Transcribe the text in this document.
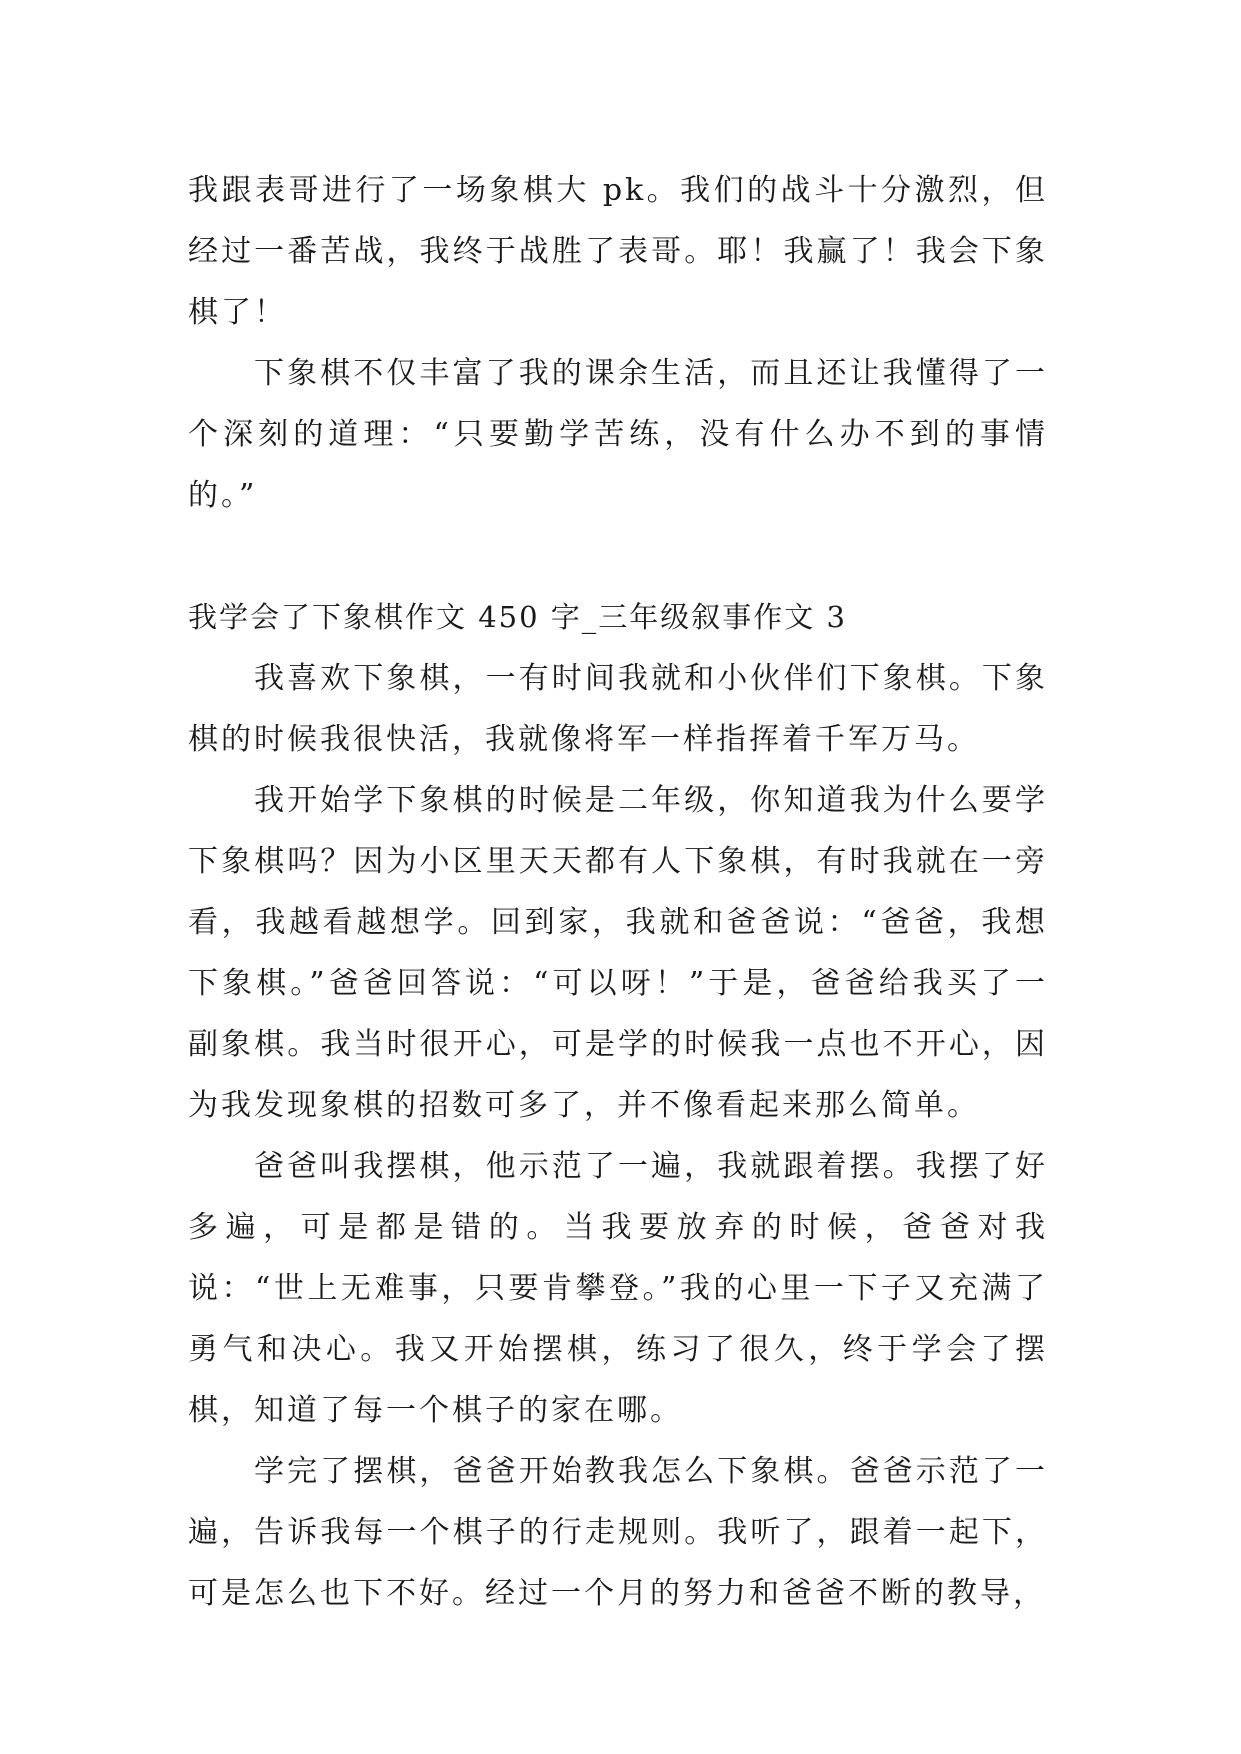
我跟表哥进行了一场象棋大 pk。我们的战斗十分激烈，但经过一番苦战，我终于战胜了表哥。耶！我赢了！我会下象棋了！

下象棋不仅丰富了我的课余生活，而且还让我懂得了一个深刻的道理：“只要勤学苦练，没有什么办不到的事情的。”

我学会了下象棋作文 450 字_三年级叙事作文 3

我喜欢下象棋，一有时间我就和小伙伴们下象棋。下象棋的时候我很快活，我就像将军一样指挥着千军万马。

我开始学下象棋的时候是二年级，你知道我为什么要学下象棋吗？因为小区里天天都有人下象棋，有时我就在一旁看，我越看越想学。回到家，我就和爸爸说：“爸爸，我想下象棋。”爸爸回答说：“可以呀！”于是，爸爸给我买了一副象棋。我当时很开心，可是学的时候我一点也不开心，因为我发现象棋的招数可多了，并不像看起来那么简单。

爸爸叫我摆棋，他示范了一遍，我就跟着摆。我摆了好多遍，可是都是错的。当我要放弃的时候，爸爸对我说：“世上无难事，只要肯攀登。”我的心里一下子又充满了勇气和决心。我又开始摆棋，练习了很久，终于学会了摆棋，知道了每一个棋子的家在哪。

学完了摆棋，爸爸开始教我怎么下象棋。爸爸示范了一遍，告诉我每一个棋子的行走规则。我听了，跟着一起下，可是怎么也下不好。经过一个月的努力和爸爸不断的教导，
